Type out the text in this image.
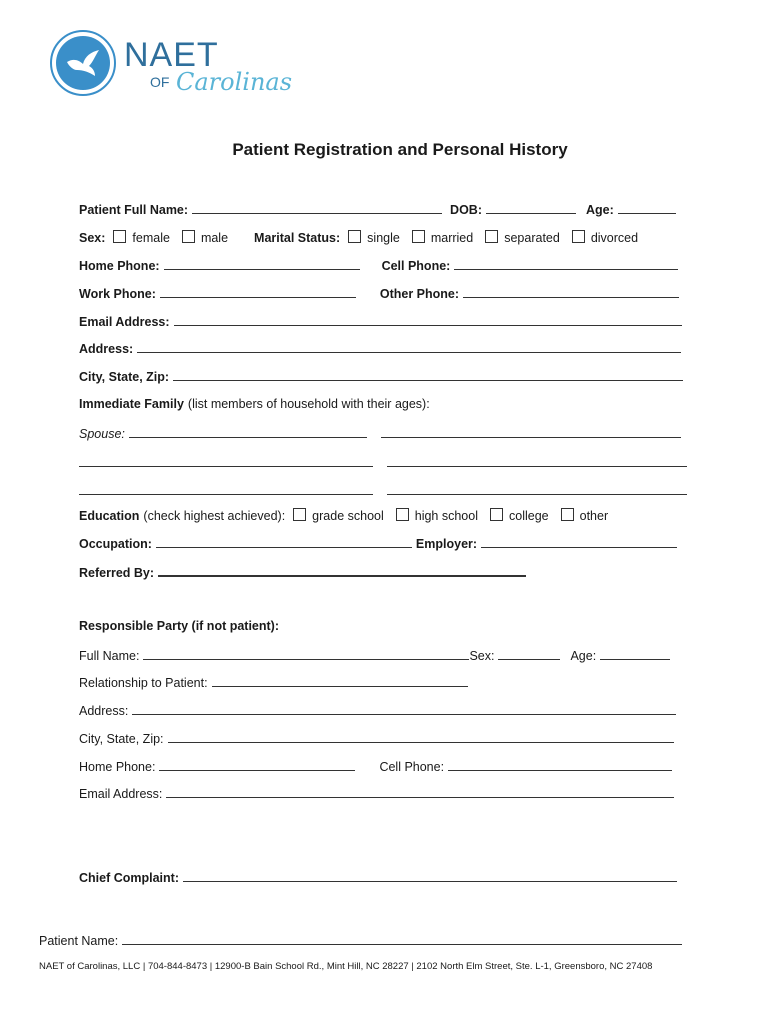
NAET
OF Carolinas
Patient Registration and Personal History
Patient Full Name:	DOB:	Age:
Sex: female male Marital Status: single married separated divorced
Home Phone:	Cell Phone:
Work Phone:	Other Phone:
Email Address:
Address:
City, State, Zip:
Immediate Family (list members of household with their ages):
Spouse:
Education (check highest achieved): grade school high school college other
Occupation:	Employer:
Referred By:
Responsible Party (if not patient):
Full Name:	Sex:	Age:
Relationship to Patient:
Address:
City, State, Zip:
Home Phone:	Cell Phone:
Email Address:
Chief Complaint:
Patient Name:
NAET of Carolinas, LLC | 704-844-8473 | 12900-B Bain School Rd., Mint Hill, NC 28227 | 2102 North Elm Street, Ste. L-1, Greensboro, NC 27408
